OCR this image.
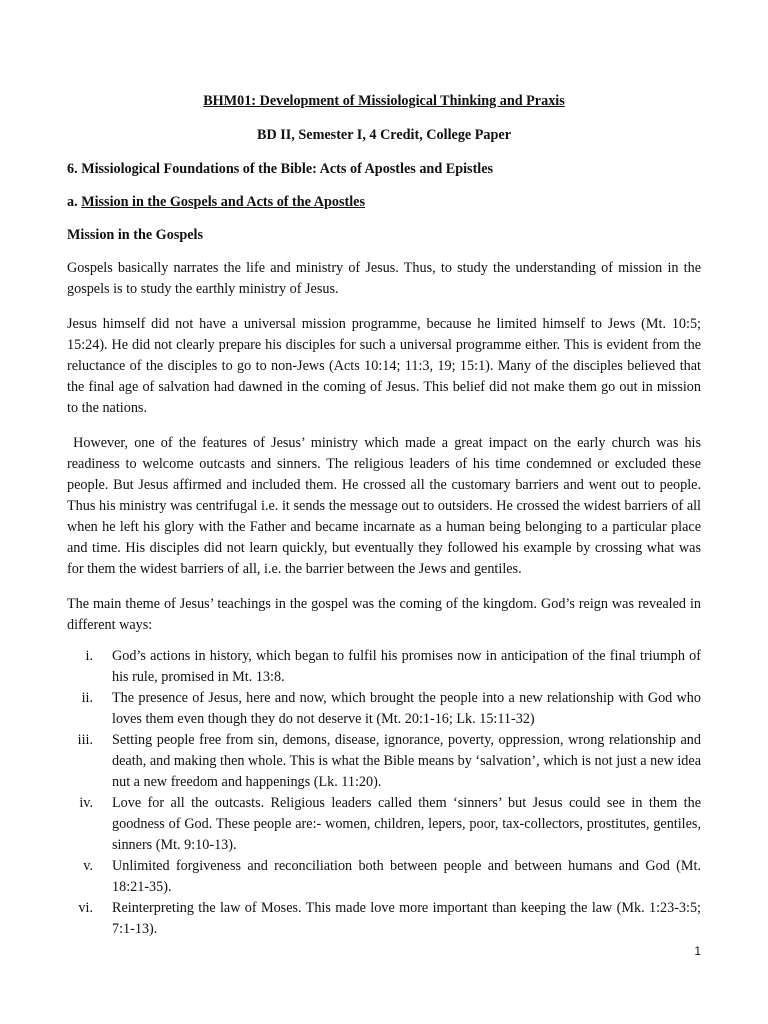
BHM01: Development of Missiological Thinking and Praxis
BD II, Semester I, 4 Credit, College Paper
6. Missiological Foundations of the Bible: Acts of Apostles and Epistles
a. Mission in the Gospels and Acts of the Apostles
Mission in the Gospels

Gospels basically narrates the life and ministry of Jesus. Thus, to study the understanding of mission in the gospels is to study the earthly ministry of Jesus.

Jesus himself did not have a universal mission programme, because he limited himself to Jews (Mt. 10:5; 15:24). He did not clearly prepare his disciples for such a universal programme either. This is evident from the reluctance of the disciples to go to non-Jews (Acts 10:14; 11:3, 19; 15:1). Many of the disciples believed that the final age of salvation had dawned in the coming of Jesus. This belief did not make them go out in mission to the nations.

However, one of the features of Jesus’ ministry which made a great impact on the early church was his readiness to welcome outcasts and sinners. The religious leaders of his time condemned or excluded these people. But Jesus affirmed and included them. He crossed all the customary barriers and went out to people. Thus his ministry was centrifugal i.e. it sends the message out to outsiders. He crossed the widest barriers of all when he left his glory with the Father and became incarnate as a human being belonging to a particular place and time. His disciples did not learn quickly, but eventually they followed his example by crossing what was for them the widest barriers of all, i.e. the barrier between the Jews and gentiles.

The main theme of Jesus’ teachings in the gospel was the coming of the kingdom. God’s reign was revealed in different ways:

i. God’s actions in history, which began to fulfil his promises now in anticipation of the final triumph of his rule, promised in Mt. 13:8.
ii. The presence of Jesus, here and now, which brought the people into a new relationship with God who loves them even though they do not deserve it (Mt. 20:1-16; Lk. 15:11-32)
iii. Setting people free from sin, demons, disease, ignorance, poverty, oppression, wrong relationship and death, and making then whole. This is what the Bible means by ‘salvation’, which is not just a new idea nut a new freedom and happenings (Lk. 11:20).
iv. Love for all the outcasts. Religious leaders called them ‘sinners’ but Jesus could see in them the goodness of God. These people are:- women, children, lepers, poor, tax-collectors, prostitutes, gentiles, sinners (Mt. 9:10-13).
v. Unlimited forgiveness and reconciliation both between people and between humans and God (Mt. 18:21-35).
vi. Reinterpreting the law of Moses. This made love more important than keeping the law (Mk. 1:23-3:5; 7:1-13).
1
